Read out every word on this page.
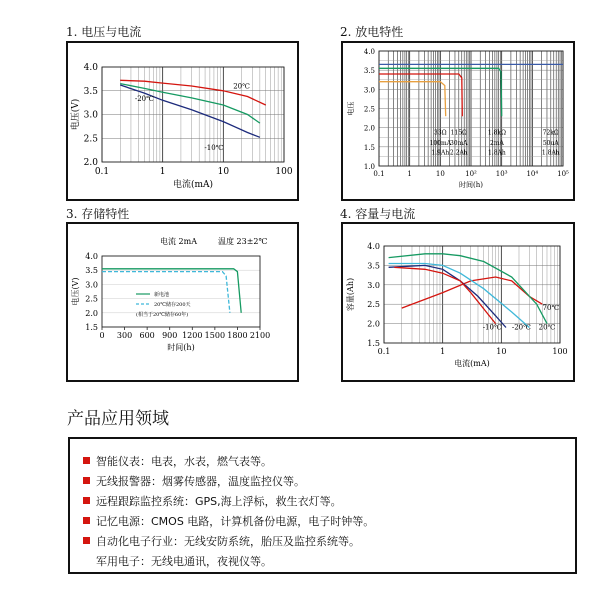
1. 电压与电流	2. 放电特性
3. 存储特性	4. 容量与电流
0.1	1	10	100
2.0
2.5
3.0
3.5
4.0
电流(mA)
电压(V)
20℃
-20℃
-10℃
0.1	1	10	10²	10³	10⁴	10⁵
1.0
1.5
2.0
2.5
3.0
3.5
4.0
时间(h)
电压
33Ω
100mA
1.9Ah
115Ω
30mA
2.2Ah
1.8kΩ
2mA
1.8Ah
72kΩ
50uA
1.8Ah
0 300 600 900 1200 1500 1800 2100
1.5
2.0
2.5
3.0
3.5
4.0
时间(h)
电压(V)
电流 2mA	温度 23±2℃
新电池
20℃储存200天
(相当于20℃储存60年)
0.1	1	10	100
1.5
2.0
2.5
3.0
3.5
4.0
电流(mA)
容量(Ah)	70℃
20℃
-20℃
-10℃
产品应用领域
智能仪表：电表，水表，燃气表等。
无线报警器：烟雾传感器，温度监控仪等。
远程跟踪监控系统：GPS,海上浮标，救生衣灯等。
记忆电源：CMOS 电路，计算机备份电源，电子时钟等。
自动化电子行业：无线安防系统，胎压及监控系统等。
军用电子：无线电通讯，夜视仪等。
